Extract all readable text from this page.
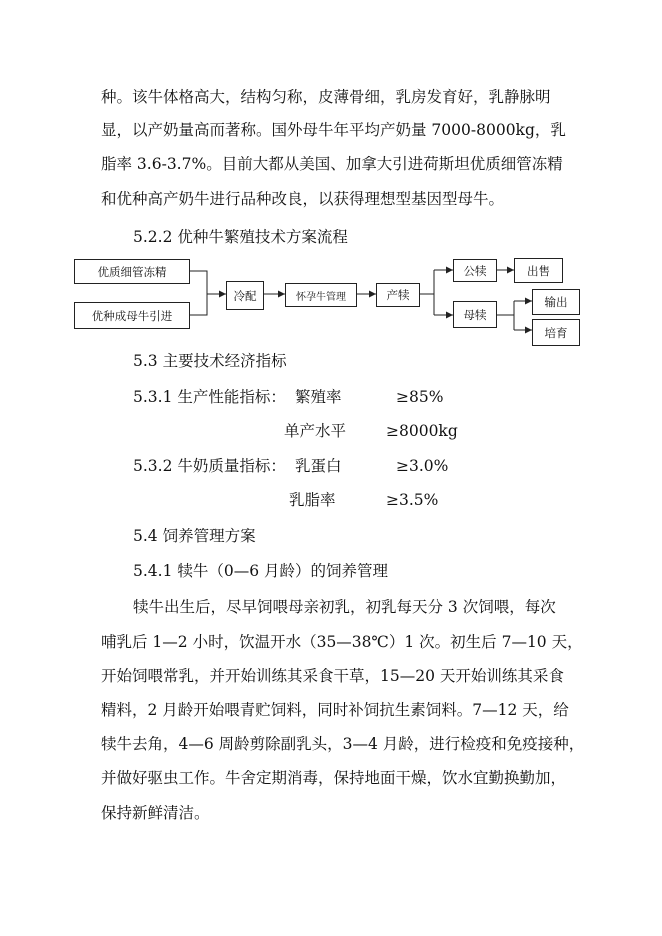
种。该牛体格高大，结构匀称，皮薄骨细，乳房发育好，乳静脉明
显，以产奶量高而著称。国外母牛年平均产奶量 7000-8000kg，乳
脂率 3.6-3.7%。目前大都从美国、加拿大引进荷斯坦优质细管冻精
和优种高产奶牛进行品种改良，以获得理想型基因型母牛。
5.2.2 优种牛繁殖技术方案流程
优质细管冻精
优种成母牛引进
冷配	怀孕牛管理	产犊
公犊	出售
母犊
输出
培育
5.3 主要技术经济指标
5.3.1 生产性能指标： 繁殖率	≥85%
单产水平	≥8000kg
5.3.2 牛奶质量指标： 乳蛋白	≥3.0%
乳脂率	≥3.5%
5.4 饲养管理方案
5.4.1 犊牛（0—6 月龄）的饲养管理
犊牛出生后，尽早饲喂母亲初乳，初乳每天分 3 次饲喂，每次
哺乳后 1—2 小时，饮温开水（35—38℃）1 次。初生后 7—10 天，
开始饲喂常乳，并开始训练其采食干草，15—20 天开始训练其采食
精料，2 月龄开始喂青贮饲料，同时补饲抗生素饲料。7—12 天，给
犊牛去角，4—6 周龄剪除副乳头，3—4 月龄，进行检疫和免疫接种，
并做好驱虫工作。牛舍定期消毒，保持地面干燥，饮水宜勤换勤加，
保持新鲜清洁。
